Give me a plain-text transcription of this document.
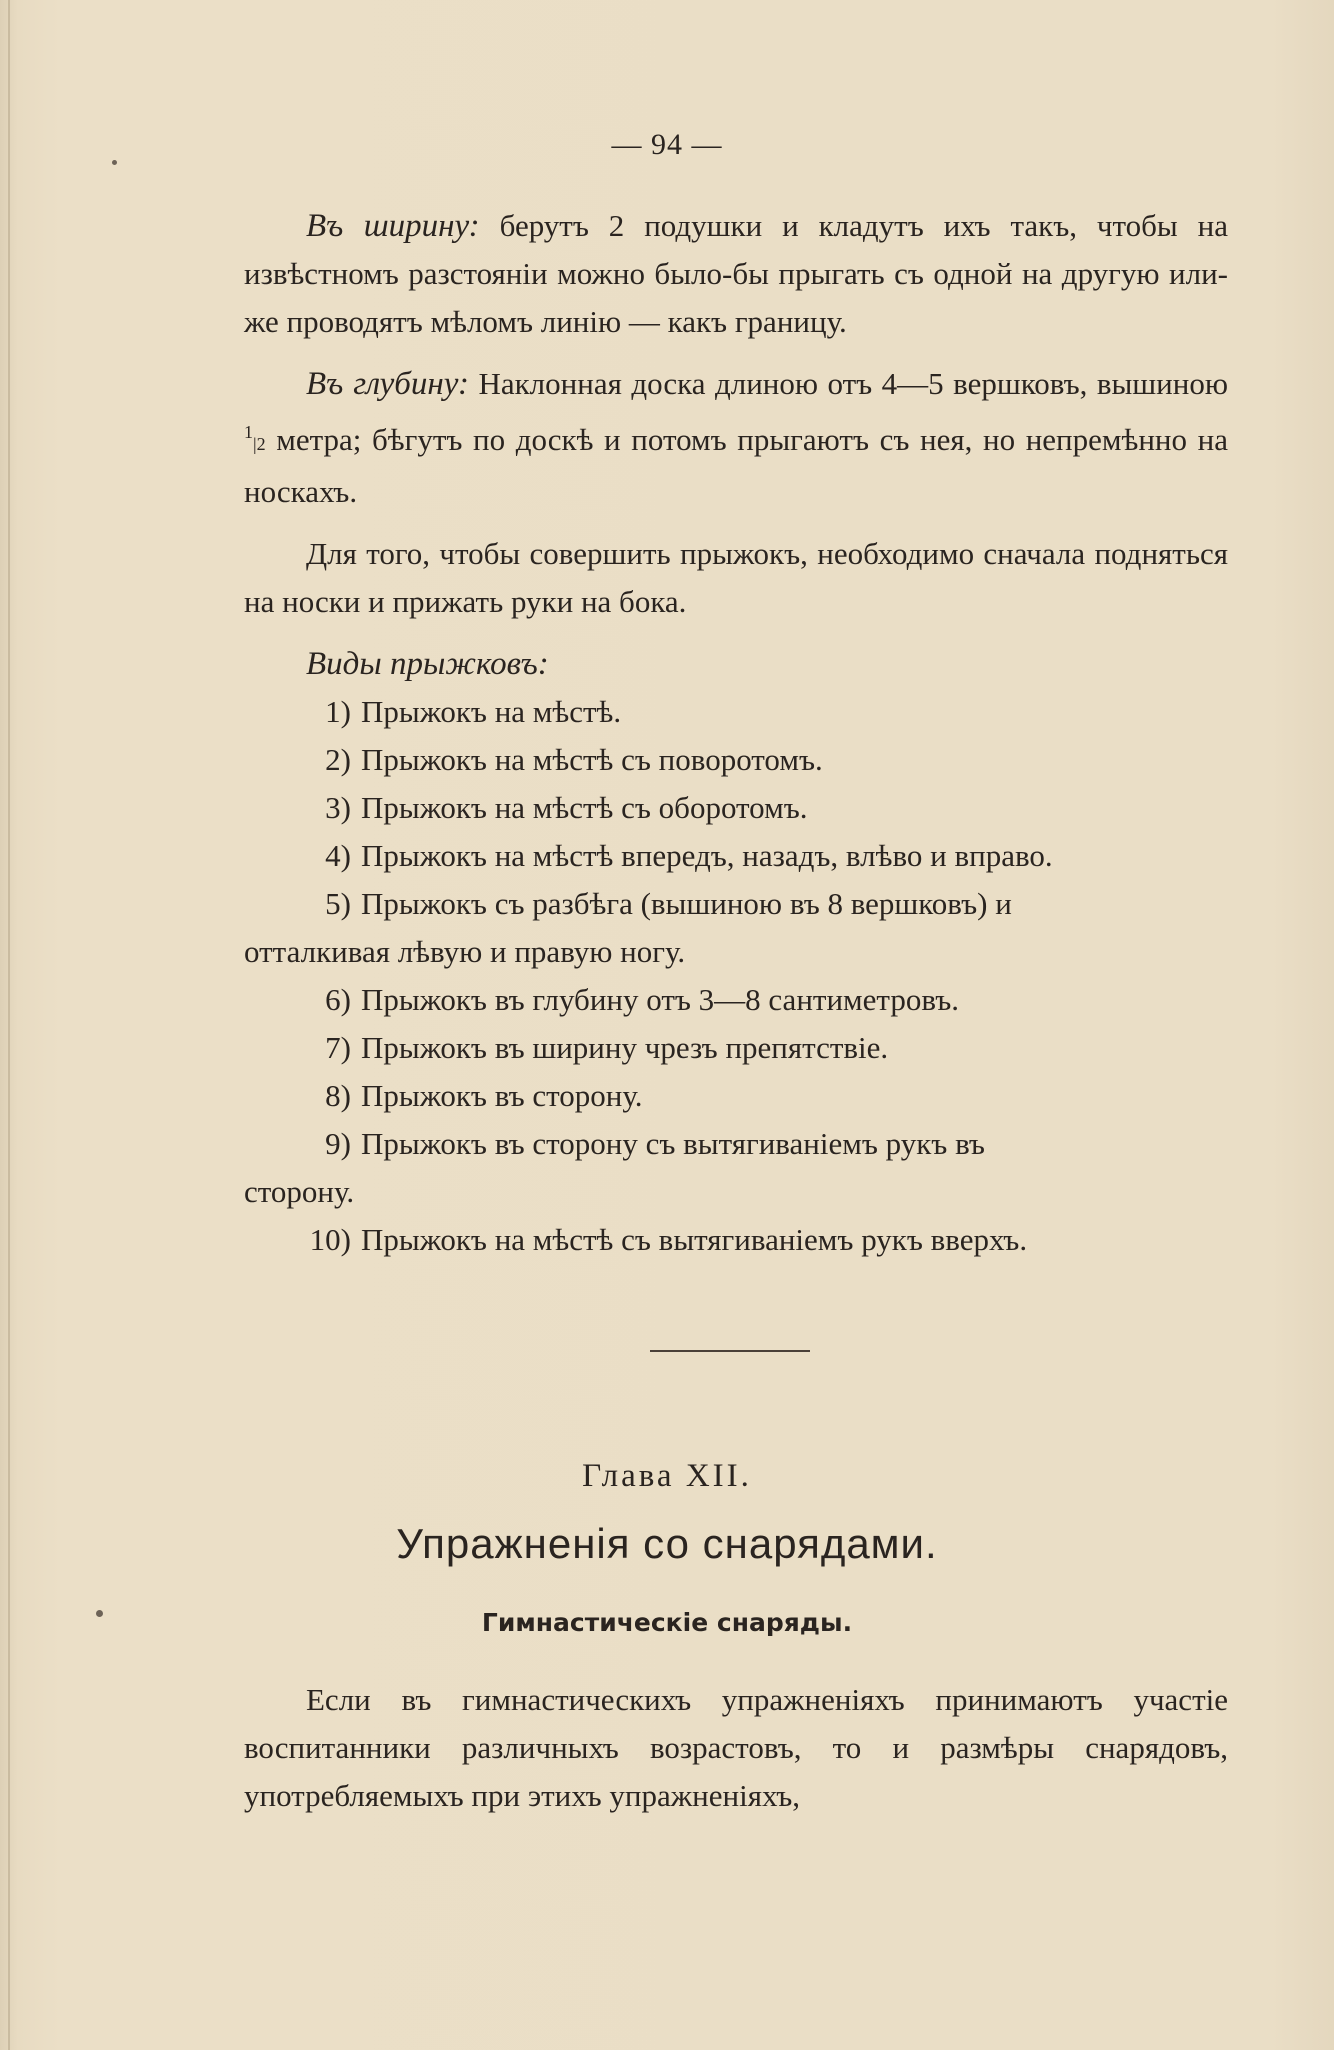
— 94 —

Въ ширину: берутъ 2 подушки и кладутъ ихъ такъ, чтобы на извѣстномъ разстояніи можно было-бы прыгать съ одной на другую или-же проводятъ мѣломъ линію — какъ границу.

Въ глубину: Наклонная доска длиною отъ 4—5 вершковъ, вышиною $^1$|2 метра; бѣгутъ по доскѣ и потомъ прыгаютъ съ нея, но непремѣнно на носкахъ.

Для того, чтобы совершить прыжокъ, необходимо сначала подняться на носки и прижать руки на бока.

Виды прыжковъ:

1) Прыжокъ на мѣстѣ.
2) Прыжокъ на мѣстѣ съ поворотомъ.
3) Прыжокъ на мѣстѣ съ оборотомъ.
4) Прыжокъ на мѣстѣ впередъ, назадъ, влѣво и вправо.
5) Прыжокъ съ разбѣга (вышиною въ 8 вершковъ) и

отталкивая лѣвую и правую ногу.

6) Прыжокъ въ глубину отъ 3—8 сантиметровъ.
7) Прыжокъ въ ширину чрезъ препятствіе.
8) Прыжокъ въ сторону.
9) Прыжокъ въ сторону съ вытягиваніемъ рукъ въ

сторону.

10) Прыжокъ на мѣстѣ съ вытягиваніемъ рукъ вверхъ.
Глава XII.
Упражненія со снарядами.
Гимнастическіе снаряды.

Если въ гимнастическихъ упражненіяхъ принимаютъ участіе воспитанники различныхъ возрастовъ, то и размѣры снарядовъ, употребляемыхъ при этихъ упражненіяхъ,
